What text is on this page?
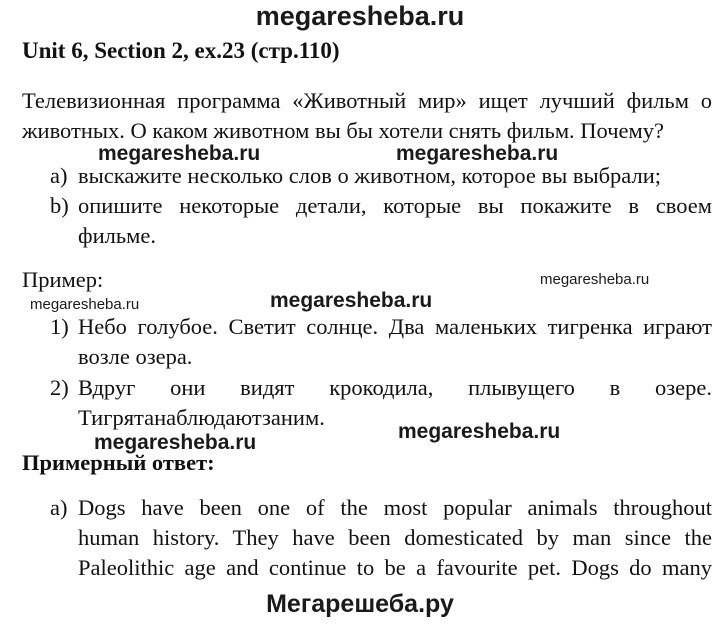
megaresheba.ru
Unit 6, Section 2, ex.23 (стр.110)
Телевизионная программа «Животный мир» ищет лучший фильм о
животных. О каком животном вы бы хотели снять фильм. Почему?
megaresheba.ru	megaresheba.ru
a) выскажите несколько слов о животном, которое вы выбрали;
b) опишите некоторые детали, которые вы покажите в своем
фильме.
Пример:	megaresheba.ru
megaresheba.ru	megaresheba.ru
1) Небо голубое. Светит солнце. Два маленьких тигренка играют
возле озера.
2) Вдруг они видят крокодила, плывущего в озере.
Тигрятанаблюдаютзаним.
megaresheba.ru	megaresheba.ru
Примерный ответ:
a) Dogs have been one of the most popular animals throughout
human history. They have been domesticated by man since the
Paleolithic age and continue to be a favourite pet. Dogs do many
Мегарешеба.ру
